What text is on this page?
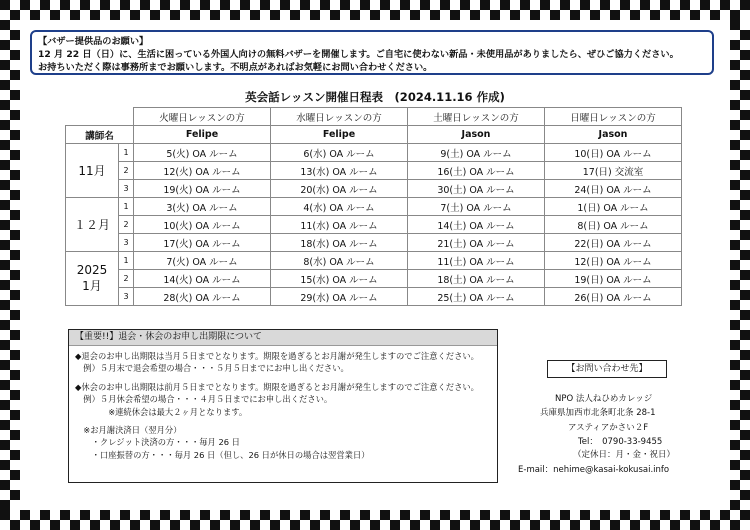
【バザー提供品のお願い】
12 月 22 日（日）に、生活に困っている外国人向けの無料バザーを開催します。ご自宅に使わない新品・未使用品がありましたら、ぜひご協力ください。
お持ちいただく際は事務所までお願いします。不明点があればお気軽にお問い合わせください。
英会話レッスン開催日程表　(2024.11.16 作成)
		火曜日レッスンの方	水曜日レッスンの方	土曜日レッスンの方	日曜日レッスンの方
講師名		Felipe	Felipe	Jason	Jason

11月	1	5(火) OA ルーム	6(水) OA ルーム	9(土) OA ルーム	10(日) OA ルーム
	2	12(火) OA ルーム	13(水) OA ルーム	16(土) OA ルーム	17(日) 交流室
	3	19(火) OA ルーム	20(水) OA ルーム	30(土) OA ルーム	24(日) OA ルーム

１２月	1	3(火) OA ルーム	4(水) OA ルーム	7(土) OA ルーム	1(日) OA ルーム
	2	10(火) OA ルーム	11(水) OA ルーム	14(土) OA ルーム	8(日) OA ルーム
	3	17(火) OA ルーム	18(水) OA ルーム	21(土) OA ルーム	22(日) OA ルーム

2025
1月	1	7(火) OA ルーム	8(水) OA ルーム	11(土) OA ルーム	12(日) OA ルーム
	2	14(火) OA ルーム	15(水) OA ルーム	18(土) OA ルーム	19(日) OA ルーム
	3	28(火) OA ルーム	29(水) OA ルーム	25(土) OA ルーム	26(日) OA ルーム
【重要!!】退会・休会のお申し出期限について
◆退会のお申し出期限は当月５日までとなります。期限を過ぎるとお月謝が発生しますのでご注意ください。
　例）５月末で退会希望の場合・・・５月５日までにお申し出ください。
◆休会のお申し出期限は前月５日までとなります。期限を過ぎるとお月謝が発生しますのでご注意ください。
　例）５月休会希望の場合・・・４月５日までにお申し出ください。
　　　　※連続休会は最大２ヶ月となります。
　※お月謝決済日（翌月分）
　　・クレジット決済の方・・・毎月 26 日
　　・口座振替の方・・・毎月 26 日（但し、26 日が休日の場合は翌営業日）
【お問い合わせ先】
NPO 法人ねひめカレッジ
兵庫県加西市北条町北条 28-1
アスティアかさい２F
Tel：　0790-33-9455
（定休日：月・金・祝日）
E-mail：nehime@kasai-kokusai.info
